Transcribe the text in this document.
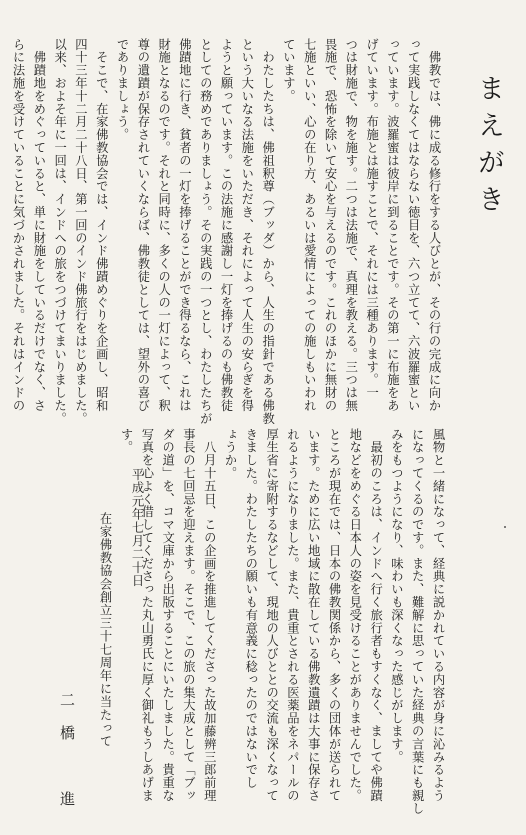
まえがき
　佛教では、佛に成る修行をする人びとが、その行の完成に向か
って実践しなくてはならない徳目を、六つ立てて、六波羅蜜とい
っています。波羅蜜は彼岸に到ることです。その第一に布施をあ
げています。布施とは施すことで、それには三種あります。一
つは財施で、物を施す。二つは法施で、真理を教える。三つは無
畏施で、恐怖を除いて安心を与えるのです。これのほかに無財の
七施といい、心の在り方、あるいは愛情によっての施しもいわれ
ています。
　わたしたちは、佛祖釈尊（ブッダ）から、人生の指針である佛教
という大いなる法施をいただき、それによって人生の安らぎを得
ようと願っています。この法施に感謝し一灯を捧げるのも佛教徒
としての務めでありましょう。その実践の一つとし、わたしたちが
佛蹟地に行き、貧者の一灯を捧げることができ得るなら、これは
財施となるのです。それと同時に、多くの人の一灯によって、釈
尊の遺蹟が保存されていくならば、佛教徒としては、望外の喜び
でありましょう。
　そこで、在家佛教協会では、インド佛蹟めぐりを企画し、昭和
四十三年十二月二十八日、第一回のインド佛旅行をはじめました。
以来、およそ年に一回は、インドへの旅をつづけてまいりました。
　佛蹟地をめぐっていると、単に財施をしているだけでなく、さ
らに法施を受けていることに気づかされました。それはインドの
風物と一緒になって、経典に説かれている内容が身に沁みるよう
になってくるのです。また、難解に思っていた経典の言葉にも親し
みをもつようになり、味わいも深くなった感じがします。
　最初のころは、インドへ行く旅行者もすくなく、ましてや佛蹟
地などをめぐる日本人の姿を見受けることがありませんでした。
ところが現在では、日本の佛教関係から、多くの団体が送られて
います。ために広い地域に散在している佛教遺蹟は大事に保存さ
れるようになりました。また、貴重とされる医薬品をネパールの
厚生省に寄附するなどして、現地の人びととの交流も深くなって
きました。わたしたちの願いも有意義に稔ったのではないでし
ょうか。
　八月十五日、この企画を推進してくださった故加藤辨三郎前理
事長の七回忌を迎えます。そこで、この旅の集大成として「ブッ
ダの道」を、コマ文庫から出版することにいたしました。貴重な
写真を心よく借してくださった丸山勇氏に厚く御礼もうしあげま
す。
平成元年七月二十日
在家佛教協会創立三十七周年に当たって
二橋　進
